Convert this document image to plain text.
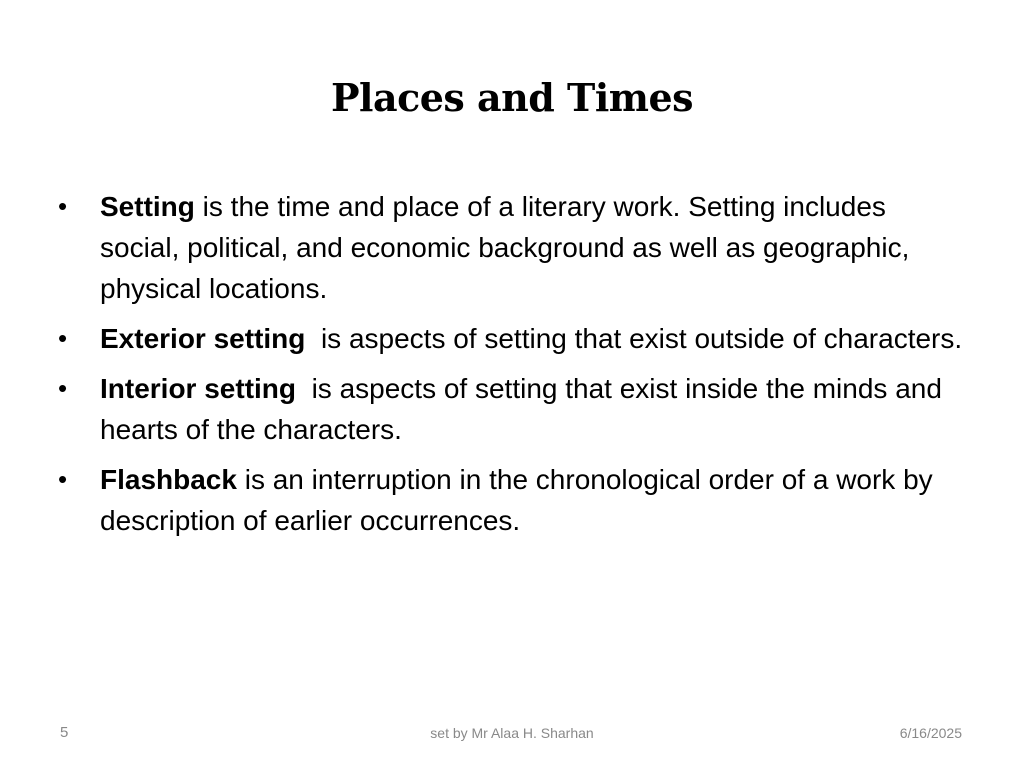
Places and Times
• Setting is the time and place of a literary work. Setting includes social, political, and economic background as well as geographic, physical locations.
• Exterior setting  is aspects of setting that exist outside of characters.
• Interior setting  is aspects of setting that exist inside the minds and hearts of the characters.
• Flashback is an interruption in the chronological order of a work by description of earlier occurrences.
5	set by Mr Alaa H. Sharhan	6/16/2025
